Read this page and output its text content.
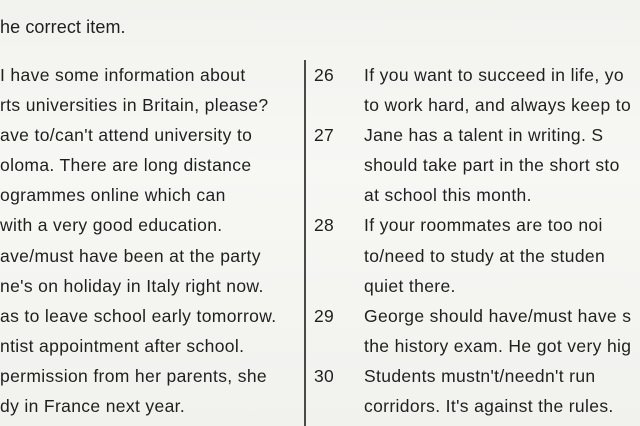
he correct item.
I have some information about
rts universities in Britain, please?
ave to/can't attend university to
oloma. There are long distance
ogrammes online which can
with a very good education.
ave/must have been at the party
ne's on holiday in Italy right now.
as to leave school early tomorrow.
ntist appointment after school.
permission from her parents, she
dy in France next year.
26	If you want to succeed in life, yo
to work hard, and always keep to
27	Jane has a talent in writing. S
should take part in the short sto
at school this month.
28	If your roommates are too noi
to/need to study at the studen
quiet there.
29	George should have/must have s
the history exam. He got very hig
30	Students mustn't/needn't run
corridors. It's against the rules.
